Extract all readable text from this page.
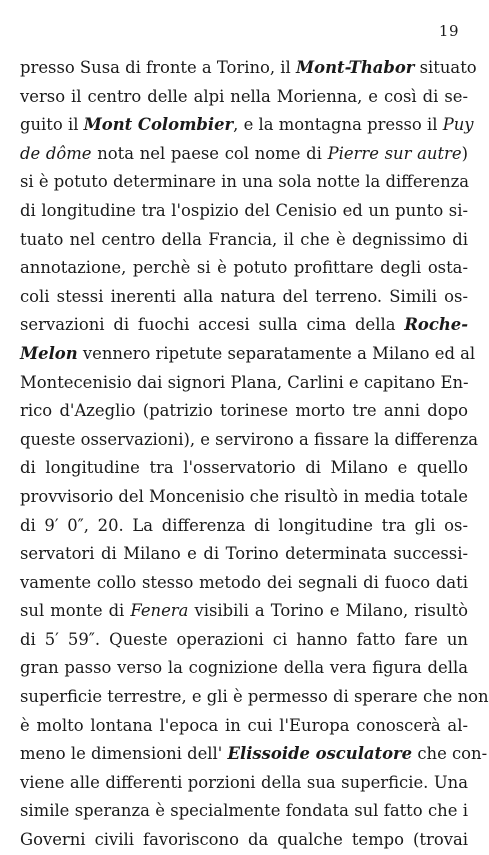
19
presso Susa di fronte a Torino, il Mont-Thabor situato
verso il centro delle alpi nella Morienna, e così di se-
guito il Mont Colombier, e la montagna presso il Puy
de dôme nota nel paese col nome di Pierre sur autre)
si è potuto determinare in una sola notte la differenza
di longitudine tra l'ospizio del Cenisio ed un punto si-
tuato nel centro della Francia, il che è degnissimo di
annotazione, perchè si è potuto profittare degli osta-
coli stessi inerenti alla natura del terreno. Simili os-
servazioni di fuochi accesi sulla cima della Roche-
Melon vennero ripetute separatamente a Milano ed al
Montecenisio dai signori Plana, Carlini e capitano En-
rico d'Azeglio (patrizio torinese morto tre anni dopo
queste osservazioni), e servirono a fissare la differenza
di longitudine tra l'osservatorio di Milano e quello
provvisorio del Moncenisio che risultò in media totale
di 9′ 0″, 20. La differenza di longitudine tra gli os-
servatori di Milano e di Torino determinata successi-
vamente collo stesso metodo dei segnali di fuoco dati
sul monte di Fenera visibili a Torino e Milano, risultò
di 5′ 59″. Queste operazioni ci hanno fatto fare un
gran passo verso la cognizione della vera figura della
superficie terrestre, e gli è permesso di sperare che non
è molto lontana l'epoca in cui l'Europa conoscerà al-
meno le dimensioni dell' Elissoide osculatore che con-
viene alle differenti porzioni della sua superficie. Una
simile speranza è specialmente fondata sul fatto che i
Governi civili favoriscono da qualche tempo (trovai
